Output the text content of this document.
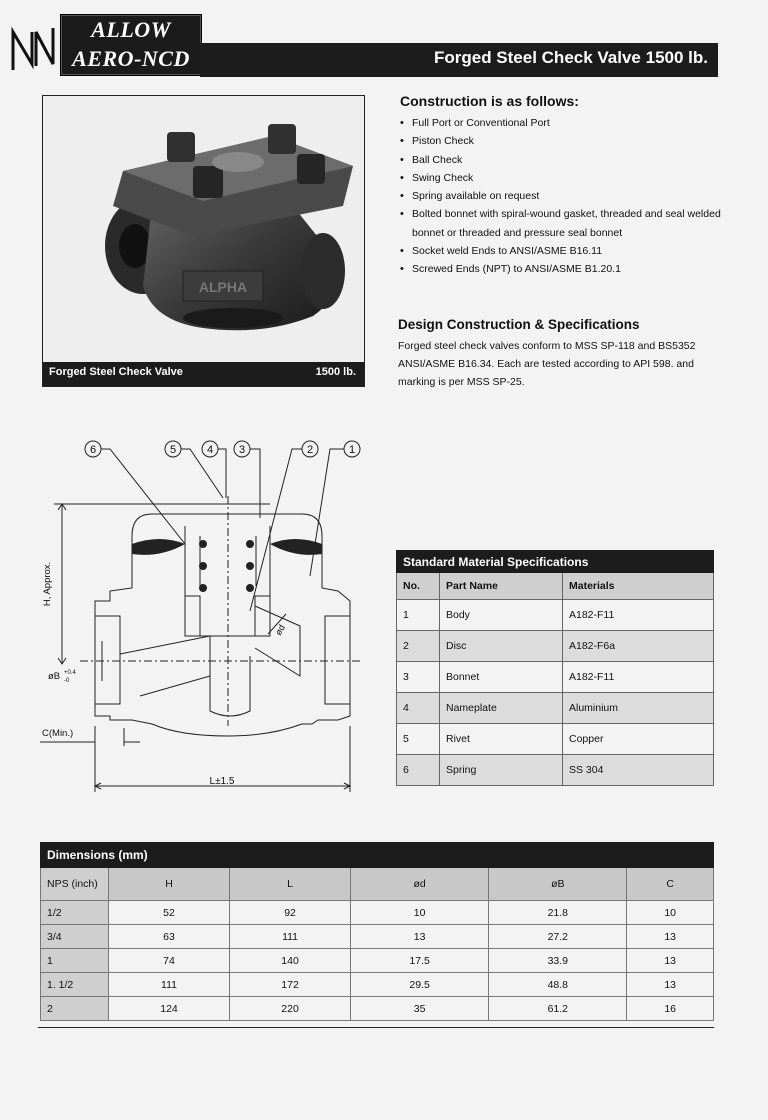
ALLOW
AERO-NCD	Forged Steel Check Valve 1500 lb.
ALPHA
Forged Steel Check Valve	1500 lb.
Construction is as follows:
• Full Port or Conventional Port
• Piston Check
• Ball Check
• Swing Check
• Spring available on request
• Bolted bonnet with spiral-wound gasket, threaded and seal welded bonnet or threaded and pressure seal bonnet
• Socket weld Ends to ANSI/ASME B16.11
• Screwed Ends (NPT) to ANSI/ASME B1.20.1
Design Construction & Specifications
Forged steel check valves conform to MSS SP-118 and BS5352 ANSI/ASME B16.34. Each are tested according to API 598. and marking is per MSS SP-25.
6	5	4 3	2	1
H, Approx.
øB +0.4
-0
C(Min.)
L±1.5
ød
Standard Material Specifications		
No.	Part Name	Materials
1	Body	A182-F11
2	Disc	A182-F6a
3	Bonnet	A182-F11
4	Nameplate	Aluminium
5	Rivet	Copper
6	Spring	SS 304
Dimensions (mm)					
NPS (inch)	H	L	ød	øB	C
1/2	52	92	10	21.8	10
3/4	63	111	13	27.2	13
1	74	140	17.5	33.9	13
1. 1/2	111	172	29.5	48.8	13
2	124	220	35	61.2	16
